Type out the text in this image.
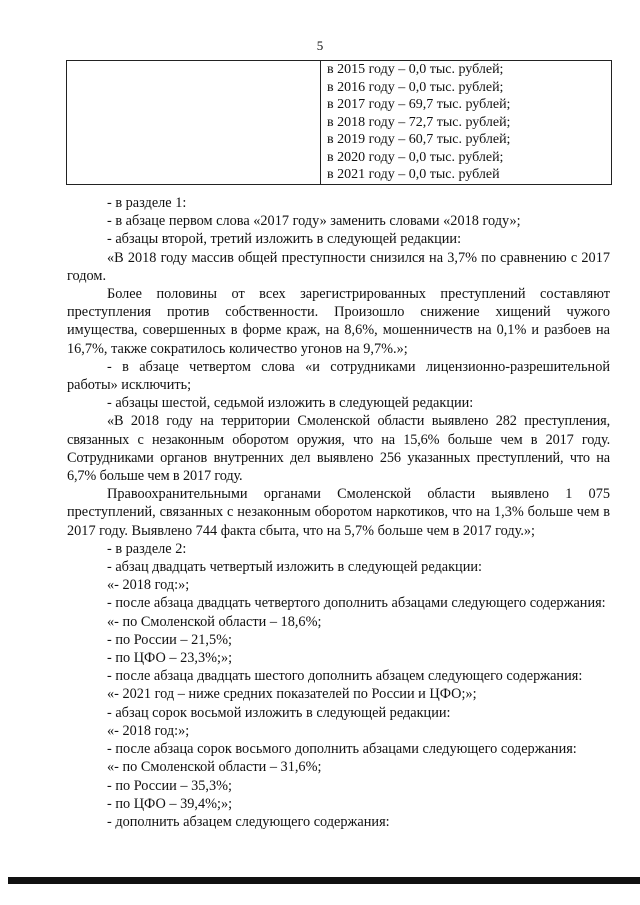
5
в 2015 году – 0,0 тыс. рублей;
в 2016 году – 0,0 тыс. рублей;
в 2017 году – 69,7 тыс. рублей;
в 2018 году – 72,7 тыс. рублей;
в 2019 году – 60,7 тыс. рублей;
в 2020 году – 0,0 тыс. рублей;
в 2021 году – 0,0 тыс. рублей

- в разделе 1:

- в абзаце первом слова «2017 году» заменить словами «2018 году»;

- абзацы второй, третий изложить в следующей редакции:

«В 2018 году массив общей преступности снизился на 3,7% по сравнению с 2017 годом.

Более половины от всех зарегистрированных преступлений составляют преступления против собственности. Произошло снижение хищений чужого имущества, совершенных в форме краж, на 8,6%, мошенничеств на 0,1% и разбоев на 16,7%, также сократилось количество угонов на 9,7%.»;

- в абзаце четвертом слова «и сотрудниками лицензионно-разрешительной работы» исключить;

- абзацы шестой, седьмой изложить в следующей редакции:

«В 2018 году на территории Смоленской области выявлено 282 преступления, связанных с незаконным оборотом оружия, что на 15,6% больше чем в 2017 году. Сотрудниками органов внутренних дел выявлено 256 указанных преступлений, что на 6,7% больше чем в 2017 году.

Правоохранительными органами Смоленской области выявлено 1 075 преступлений, связанных с незаконным оборотом наркотиков, что на 1,3% больше чем в 2017 году. Выявлено 744 факта сбыта, что на 5,7% больше чем в 2017 году.»;

- в разделе 2:

- абзац двадцать четвертый изложить в следующей редакции:

«- 2018 год:»;

- после абзаца двадцать четвертого дополнить абзацами следующего содержания:

«- по Смоленской области – 18,6%;

- по России – 21,5%;

- по ЦФО – 23,3%;»;

- после абзаца двадцать шестого дополнить абзацем следующего содержания:

«- 2021 год – ниже средних показателей по России и ЦФО;»;

- абзац сорок восьмой изложить в следующей редакции:

«- 2018 год:»;

- после абзаца сорок восьмого дополнить абзацами следующего содержания:

«- по Смоленской области – 31,6%;

- по России – 35,3%;

- по ЦФО – 39,4%;»;

- дополнить абзацем следующего содержания:
